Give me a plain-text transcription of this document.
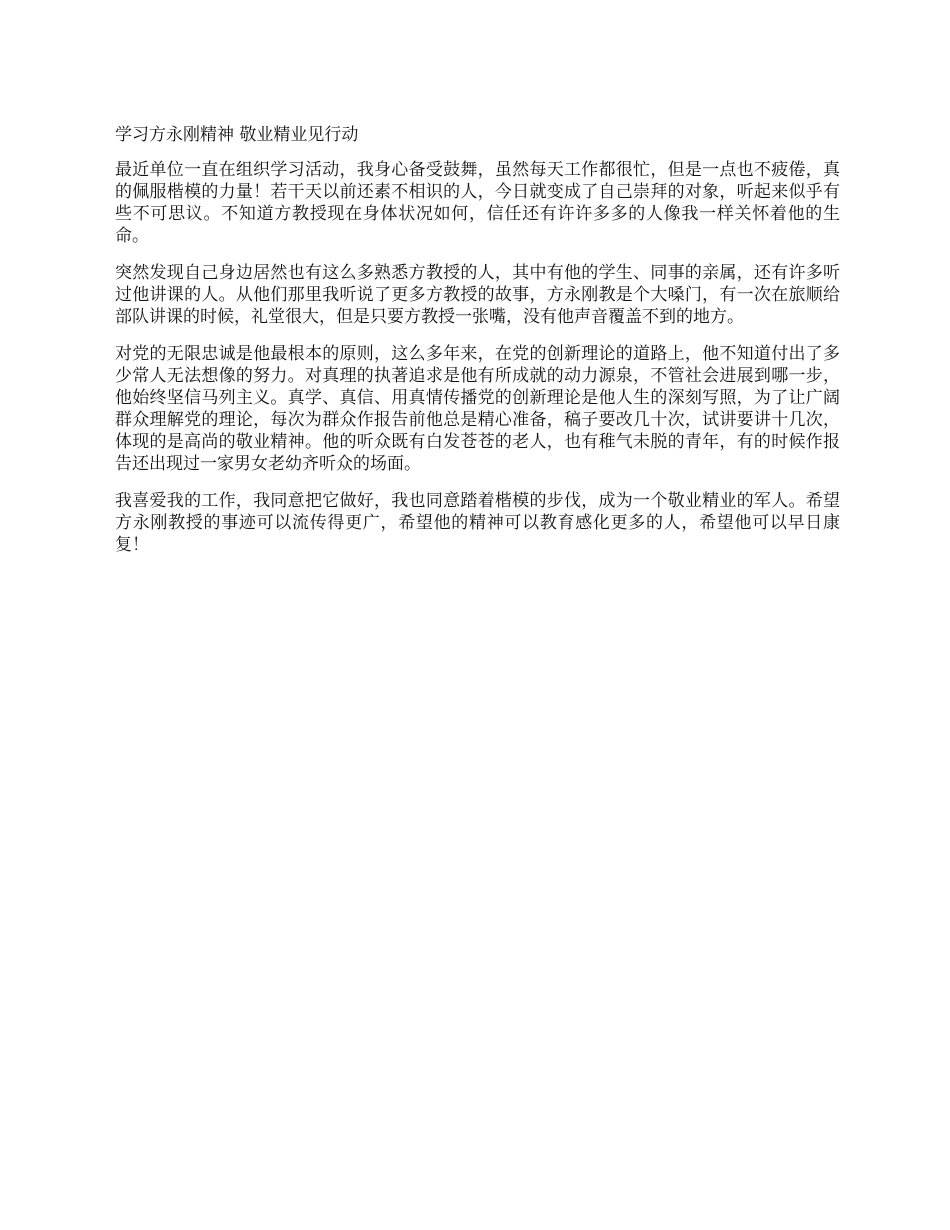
学习方永刚精神 敬业精业见行动

最近单位一直在组织学习活动，我身心备受鼓舞，虽然每天工作都很忙，但是一点也不疲倦，真的佩服楷模的力量！若干天以前还素不相识的人，今日就变成了自己崇拜的对象，听起来似乎有些不可思议。不知道方教授现在身体状况如何，信任还有许许多多的人像我一样关怀着他的生命。

突然发现自己身边居然也有这么多熟悉方教授的人，其中有他的学生、同事的亲属，还有许多听过他讲课的人。从他们那里我听说了更多方教授的故事，方永刚教是个大嗓门，有一次在旅顺给部队讲课的时候，礼堂很大，但是只要方教授一张嘴，没有他声音覆盖不到的地方。

对党的无限忠诚是他最根本的原则，这么多年来，在党的创新理论的道路上，他不知道付出了多少常人无法想像的努力。对真理的执著追求是他有所成就的动力源泉，不管社会进展到哪一步，他始终坚信马列主义。真学、真信、用真情传播党的创新理论是他人生的深刻写照，为了让广阔群众理解党的理论，每次为群众作报告前他总是精心准备，稿子要改几十次，试讲要讲十几次，体现的是高尚的敬业精神。他的听众既有白发苍苍的老人，也有稚气未脱的青年，有的时候作报告还出现过一家男女老幼齐听众的场面。

我喜爱我的工作，我同意把它做好，我也同意踏着楷模的步伐，成为一个敬业精业的军人。希望方永刚教授的事迹可以流传得更广，希望他的精神可以教育感化更多的人，希望他可以早日康复！
